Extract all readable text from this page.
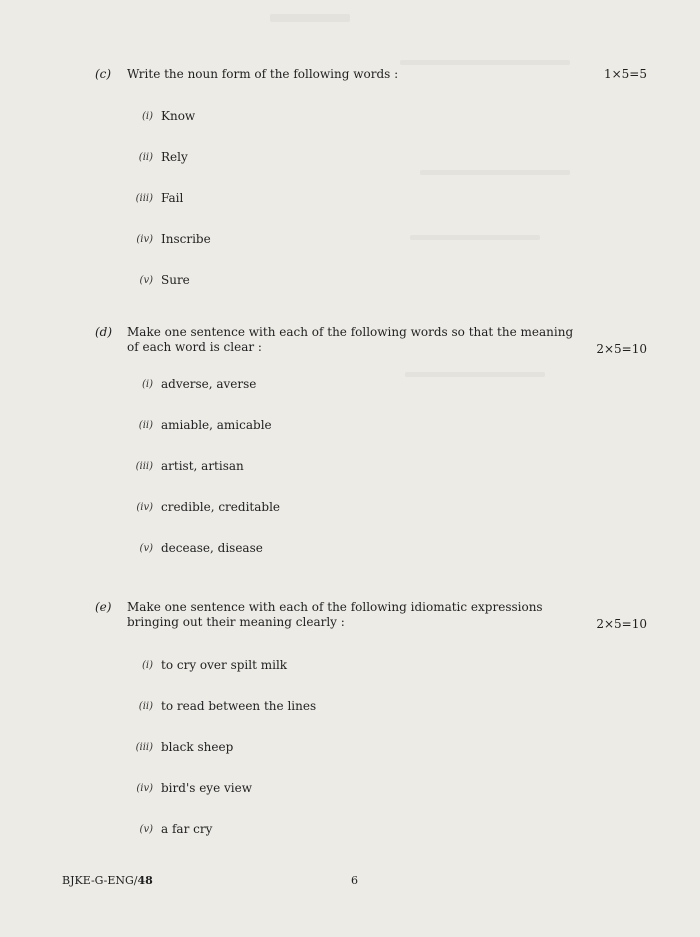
(c) Write the noun form of the following words :	1×5=5
(i) Know
(ii) Rely
(iii) Fail
(iv) Inscribe
(v) Sure
(d) Make one sentence with each of the following words so that the meaning of each word is clear :	2×5=10
(i) adverse, averse
(ii) amiable, amicable
(iii) artist, artisan
(iv) credible, creditable
(v) decease, disease
(e) Make one sentence with each of the following idiomatic expressions bringing out their meaning clearly :	2×5=10
(i) to cry over spilt milk
(ii) to read between the lines
(iii) black sheep
(iv) bird's eye view
(v) a far cry
BJKE-G-ENG/48	6
